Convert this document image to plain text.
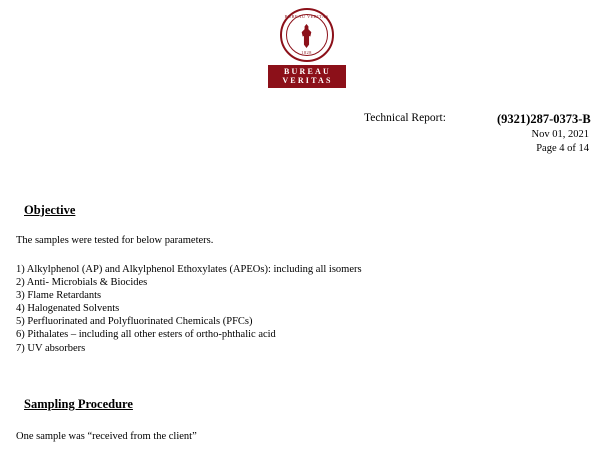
BUREAU VERITAS
1828
BUREAU
VERITAS
Technical Report:	(9321)287-0373-B
Nov 01, 2021
Page 4 of 14
Objective
The samples were tested for below parameters.
1) Alkylphenol (AP) and Alkylphenol Ethoxylates (APEOs): including all isomers
2) Anti- Microbials & Biocides
3) Flame Retardants
4) Halogenated Solvents
5) Perfluorinated and Polyfluorinated Chemicals (PFCs)
6) Pithalates – including all other esters of ortho-phthalic acid
7) UV absorbers
Sampling Procedure
One sample was “received from the client”
